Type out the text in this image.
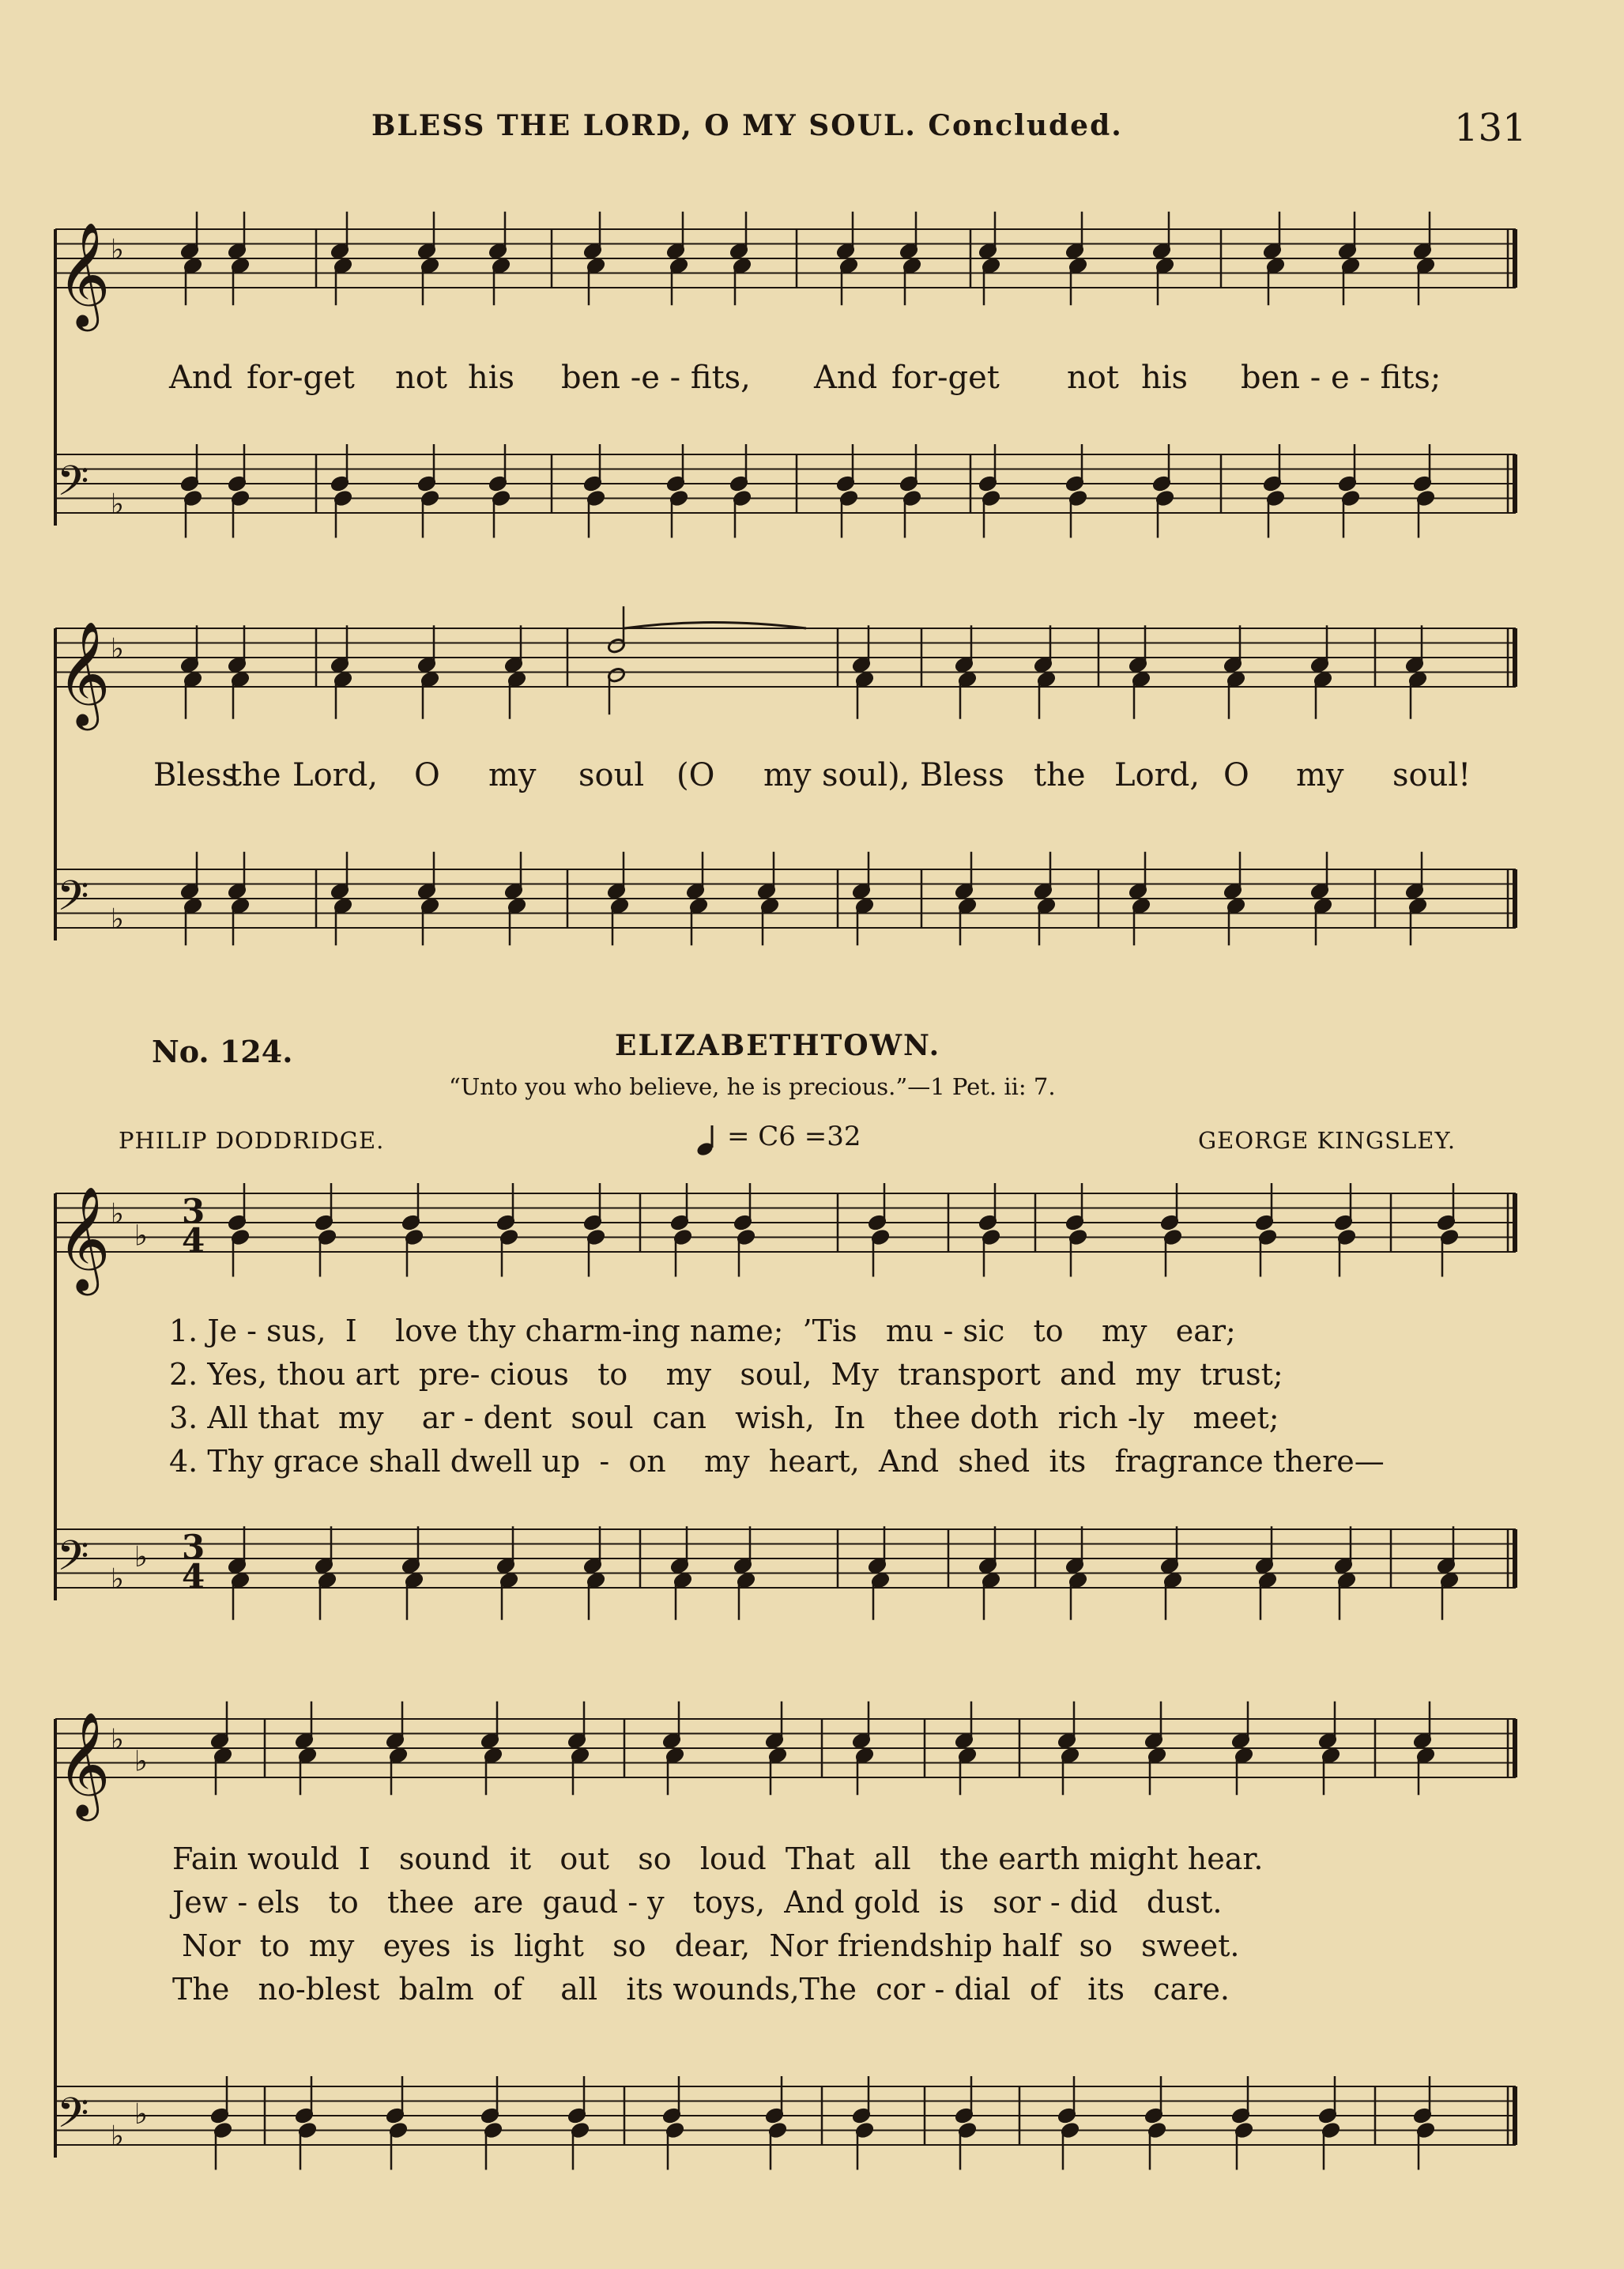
BLESS THE LORD, O MY SOUL. Concluded.	131
𝄞
𝄢
♭
♭
𝄞
𝄢
♭
♭
𝄞
𝄢
♭
♭
♭
♭
3
4
3
4
𝄞
𝄢
♭
♭
♭
♭
And for-get not his ben -e - fits, And for-get not his ben - e - fits;
Bless
the Lord, O my soul (O my soul), Bless the Lord, O my soul!
No. 124.	ELIZABETHTOWN.
“Unto you who believe, he is precious.”—1 Pet. ii: 7.
PHILIP DODDRIDGE.	= C6 =32	GEORGE KINGSLEY.
1. Je - sus,  I    love thy charm-ing name;  ’Tis   mu - sic   to    my   ear;
2. Yes, thou art  pre- cious   to    my   soul,  My  transport  and  my  trust;
3. All that  my    ar - dent  soul  can   wish,  In   thee doth  rich -ly   meet;
4. Thy grace shall dwell up  -  on    my  heart,  And  shed  its   fragrance there—
Fain would  I   sound  it   out   so   loud  That  all   the earth might hear.
Jew - els   to   thee  are  gaud - y   toys,  And gold  is   sor - did   dust.
Nor  to  my   eyes  is  light   so   dear,  Nor friendship half  so   sweet.
The   no-blest  balm  of    all   its wounds,The  cor - dial  of   its   care.
